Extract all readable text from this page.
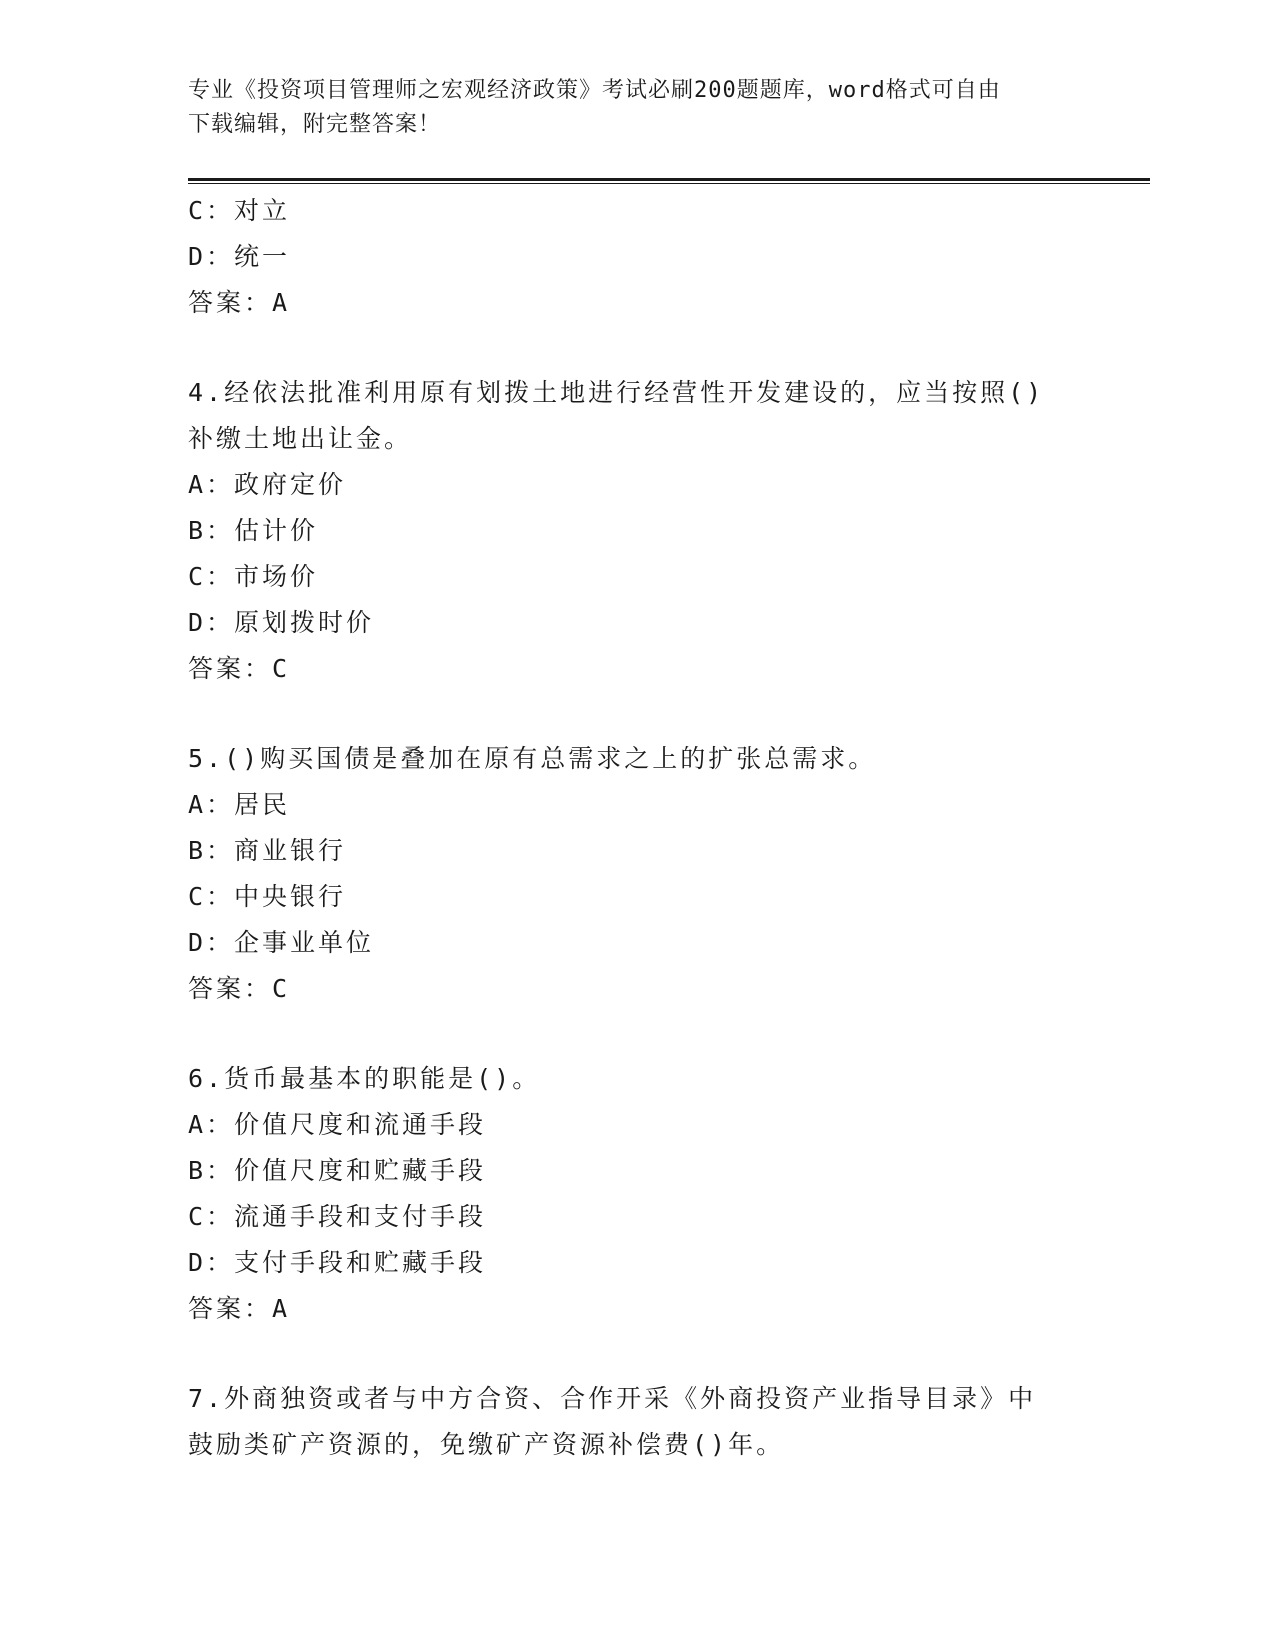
专业《投资项目管理师之宏观经济政策》考试必刷200题题库，word格式可自由
下载编辑，附完整答案！
C：对立
D：统一
答案：A
4.经依法批准利用原有划拨土地进行经营性开发建设的，应当按照()
补缴土地出让金。
A：政府定价
B：估计价
C：市场价
D：原划拨时价
答案：C
5.()购买国债是叠加在原有总需求之上的扩张总需求。
A：居民
B：商业银行
C：中央银行
D：企事业单位
答案：C
6.货币最基本的职能是()。
A：价值尺度和流通手段
B：价值尺度和贮藏手段
C：流通手段和支付手段
D：支付手段和贮藏手段
答案：A
7.外商独资或者与中方合资、合作开采《外商投资产业指导目录》中
鼓励类矿产资源的，免缴矿产资源补偿费()年。
